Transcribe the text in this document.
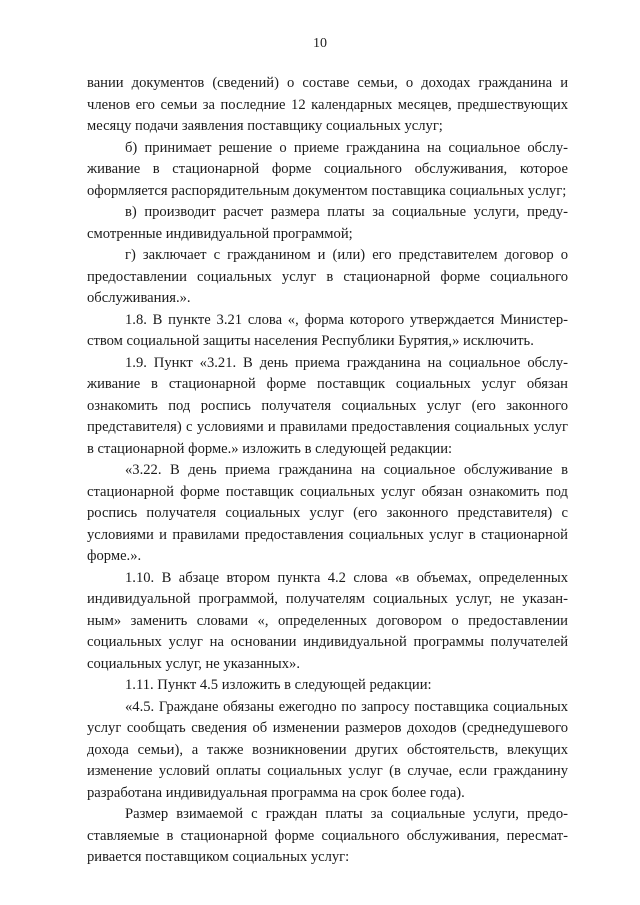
10

вании документов (сведений) о составе семьи, о доходах гражданина и членов его семьи за последние 12 календарных месяцев, предшествующих месяцу подачи заявления поставщику социальных услуг;

б) принимает решение о приеме гражданина на социальное обслуживание в стационарной форме социального обслуживания, которое оформляется распорядительным документом поставщика социальных услуг;

в) производит расчет размера платы за социальные услуги, предусмотренные индивидуальной программой;

г) заключает с гражданином и (или) его представителем договор о предоставлении социальных услуг в стационарной форме социального обслуживания.».

1.8. В пункте 3.21 слова «, форма которого утверждается Министерством социальной защиты населения Республики Бурятия,» исключить.

1.9. Пункт «3.21. В день приема гражданина на социальное обслуживание в стационарной форме поставщик социальных услуг обязан ознакомить под роспись получателя социальных услуг (его законного представителя) с условиями и правилами предоставления социальных услуг в стационарной форме.» изложить в следующей редакции:

«3.22. В день приема гражданина на социальное обслуживание в стационарной форме поставщик социальных услуг обязан ознакомить под роспись получателя социальных услуг (его законного представителя) с условиями и правилами предоставления социальных услуг в стационарной форме.».

1.10. В абзаце втором пункта 4.2 слова «в объемах, определенных индивидуальной программой, получателям социальных услуг, не указанным» заменить словами «, определенных договором о предоставлении социальных услуг на основании индивидуальной программы получателей социальных услуг, не указанных».

1.11. Пункт 4.5 изложить в следующей редакции:

«4.5. Граждане обязаны ежегодно по запросу поставщика социальных услуг сообщать сведения об изменении размеров доходов (среднедушевого дохода семьи), а также возникновении других обстоятельств, влекущих изменение условий оплаты социальных услуг (в случае, если гражданину разработана индивидуальная программа на срок более года).

Размер взимаемой с граждан платы за социальные услуги, предоставляемые в стационарной форме социального обслуживания, пересматривается поставщиком социальных услуг:
